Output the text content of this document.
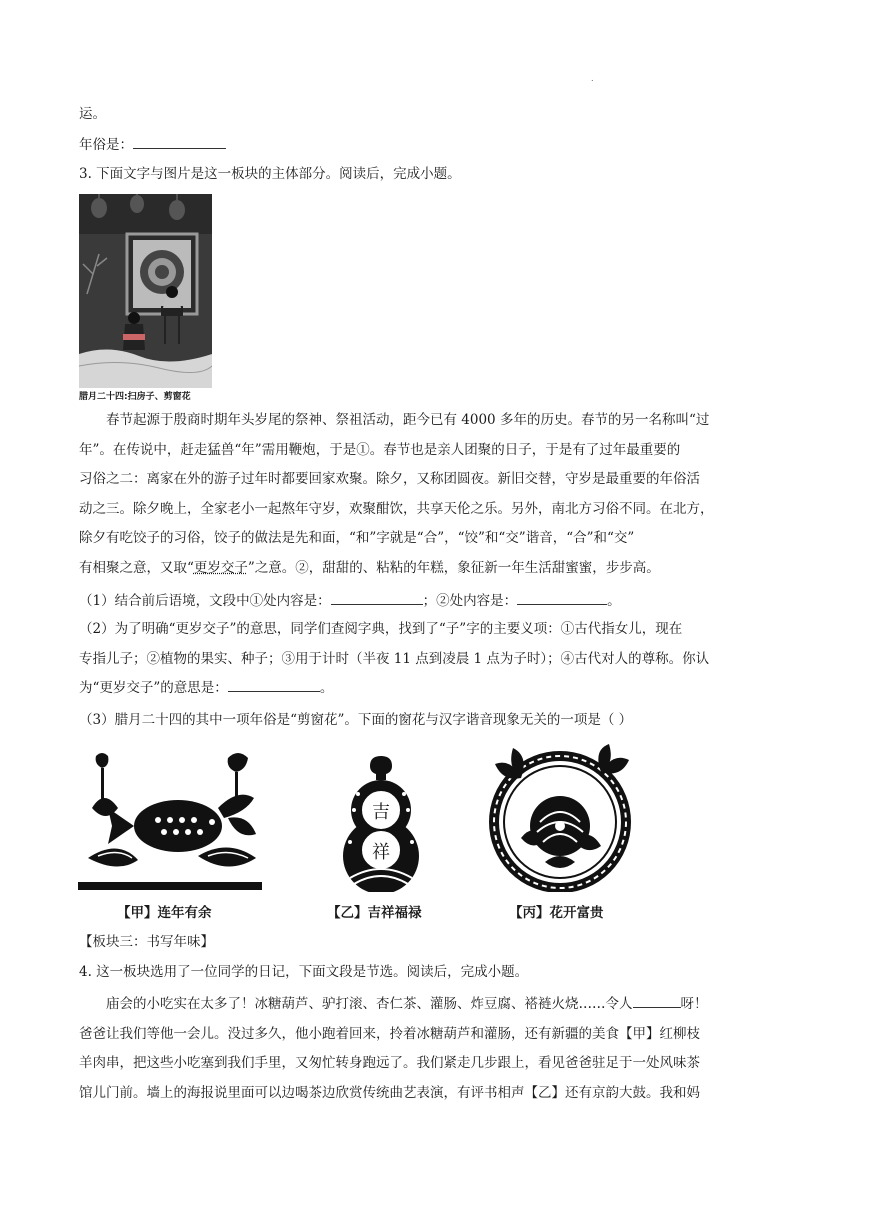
.
运。
年俗是：
3. 下面文字与图片是这一板块的主体部分。阅读后，完成小题。
腊月二十四:扫房子、剪窗花

春节起源于殷商时期年头岁尾的祭神、祭祖活动，距今已有 4000 多年的历史。春节的另一名称叫“过

年”。在传说中，赶走猛兽“年”需用鞭炮，于是①。春节也是亲人团聚的日子，于是有了过年最重要的

习俗之二：离家在外的游子过年时都要回家欢聚。除夕，又称团圆夜。新旧交替，守岁是最重要的年俗活

动之三。除夕晚上，全家老小一起熬年守岁，欢聚酣饮，共享天伦之乐。另外，南北方习俗不同。在北方，

除夕有吃饺子的习俗，饺子的做法是先和面，“和”字就是“合”，“饺”和“交”谐音，“合”和“交”

有相聚之意，又取“更岁交子”之意。②，甜甜的、粘粘的年糕，象征新一年生活甜蜜蜜，步步高。

（1）结合前后语境，文段中①处内容是：	；②处内容是：	。

（2）为了明确“更岁交子”的意思，同学们查阅字典，找到了“子”字的主要义项：①古代指女儿，现在

专指儿子；②植物的果实、种子；③用于计时（半夜 11 点到凌晨 1 点为子时）；④古代对人的尊称。你认

为“更岁交子”的意思是：	。

（3）腊月二十四的其中一项年俗是“剪窗花”。下面的窗花与汉字谐音现象无关的一项是（ ）
吉
祥
【甲】连年有余	【乙】吉祥福禄	【丙】花开富贵
【板块三：书写年味】
4. 这一板块选用了一位同学的日记，下面文段是节选。阅读后，完成小题。

庙会的小吃实在太多了！冰糖葫芦、驴打滚、杏仁茶、灌肠、炸豆腐、褡裢火烧……令人	呀！

爸爸让我们等他一会儿。没过多久，他小跑着回来，拎着冰糖葫芦和灌肠，还有新疆的美食【甲】红柳枝

羊肉串，把这些小吃塞到我们手里，又匆忙转身跑远了。我们紧走几步跟上，看见爸爸驻足于一处风味茶

馆儿门前。墙上的海报说里面可以边喝茶边欣赏传统曲艺表演，有评书相声【乙】还有京韵大鼓。我和妈
